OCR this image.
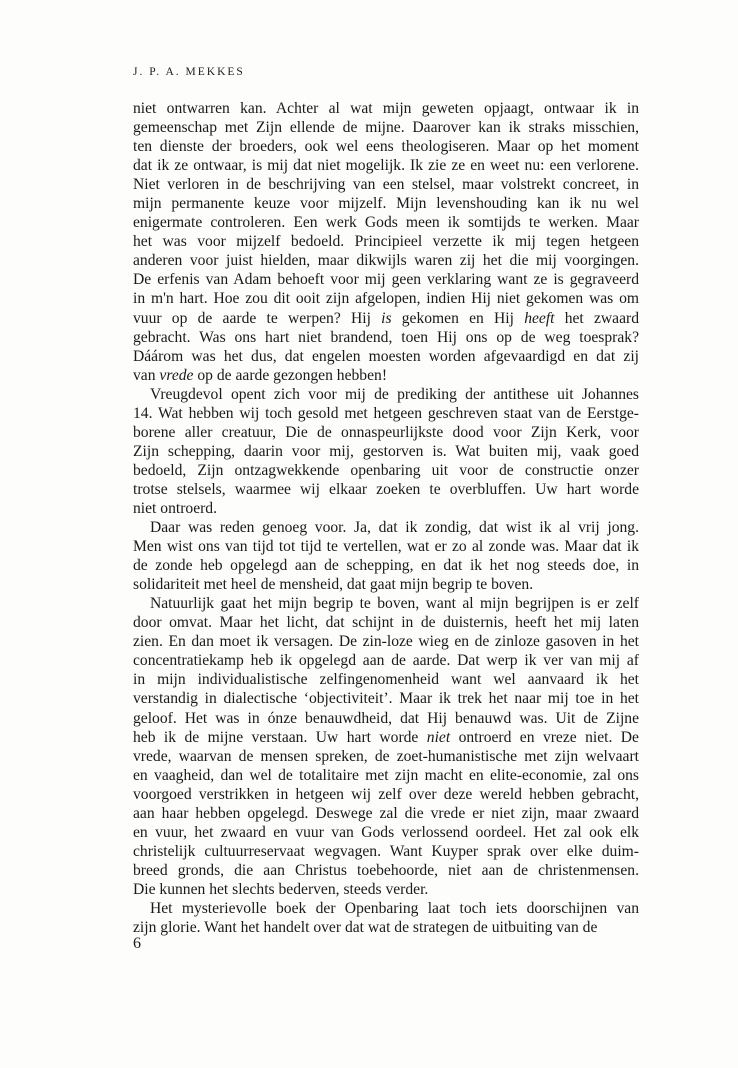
J. P. A. MEKKES
niet ontwarren kan. Achter al wat mijn geweten opjaagt, ontwaar ik in
gemeenschap met Zijn ellende de mijne. Daarover kan ik straks misschien,
ten dienste der broeders, ook wel eens theologiseren. Maar op het moment
dat ik ze ontwaar, is mij dat niet mogelijk. Ik zie ze en weet nu: een verlorene.
Niet verloren in de beschrijving van een stelsel, maar volstrekt concreet, in
mijn permanente keuze voor mijzelf. Mijn levenshouding kan ik nu wel
enigermate controleren. Een werk Gods meen ik somtijds te werken. Maar
het was voor mijzelf bedoeld. Principieel verzette ik mij tegen hetgeen
anderen voor juist hielden, maar dikwijls waren zij het die mij voorgingen.
De erfenis van Adam behoeft voor mij geen verklaring want ze is gegraveerd
in m'n hart. Hoe zou dit ooit zijn afgelopen, indien Hij niet gekomen was om
vuur op de aarde te werpen? Hij is gekomen en Hij heeft het zwaard
gebracht. Was ons hart niet brandend, toen Hij ons op de weg toesprak?
Dáárom was het dus, dat engelen moesten worden afgevaardigd en dat zij
van vrede op de aarde gezongen hebben!
Vreugdevol opent zich voor mij de prediking der antithese uit Johannes
14. Wat hebben wij toch gesold met hetgeen geschreven staat van de Eerstge-
borene aller creatuur, Die de onnaspeurlijkste dood voor Zijn Kerk, voor
Zijn schepping, daarin voor mij, gestorven is. Wat buiten mij, vaak goed
bedoeld, Zijn ontzagwekkende openbaring uit voor de constructie onzer
trotse stelsels, waarmee wij elkaar zoeken te overbluffen. Uw hart worde
niet ontroerd.
Daar was reden genoeg voor. Ja, dat ik zondig, dat wist ik al vrij jong.
Men wist ons van tijd tot tijd te vertellen, wat er zo al zonde was. Maar dat ik
de zonde heb opgelegd aan de schepping, en dat ik het nog steeds doe, in
solidariteit met heel de mensheid, dat gaat mijn begrip te boven.
Natuurlijk gaat het mijn begrip te boven, want al mijn begrijpen is er zelf
door omvat. Maar het licht, dat schijnt in de duisternis, heeft het mij laten
zien. En dan moet ik versagen. De zin-loze wieg en de zinloze gasoven in het
concentratiekamp heb ik opgelegd aan de aarde. Dat werp ik ver van mij af
in mijn individualistische zelfingenomenheid want wel aanvaard ik het
verstandig in dialectische ‘objectiviteit’. Maar ik trek het naar mij toe in het
geloof. Het was in ónze benauwdheid, dat Hij benauwd was. Uit de Zijne
heb ik de mijne verstaan. Uw hart worde niet ontroerd en vreze niet. De
vrede, waarvan de mensen spreken, de zoet-humanistische met zijn welvaart
en vaagheid, dan wel de totalitaire met zijn macht en elite-economie, zal ons
voorgoed verstrikken in hetgeen wij zelf over deze wereld hebben gebracht,
aan haar hebben opgelegd. Deswege zal die vrede er niet zijn, maar zwaard
en vuur, het zwaard en vuur van Gods verlossend oordeel. Het zal ook elk
christelijk cultuurreservaat wegvagen. Want Kuyper sprak over elke duim-
breed gronds, die aan Christus toebehoorde, niet aan de christenmensen.
Die kunnen het slechts bederven, steeds verder.
Het mysterievolle boek der Openbaring laat toch iets doorschijnen van
zijn glorie. Want het handelt over dat wat de strategen de uitbuiting van de
6
